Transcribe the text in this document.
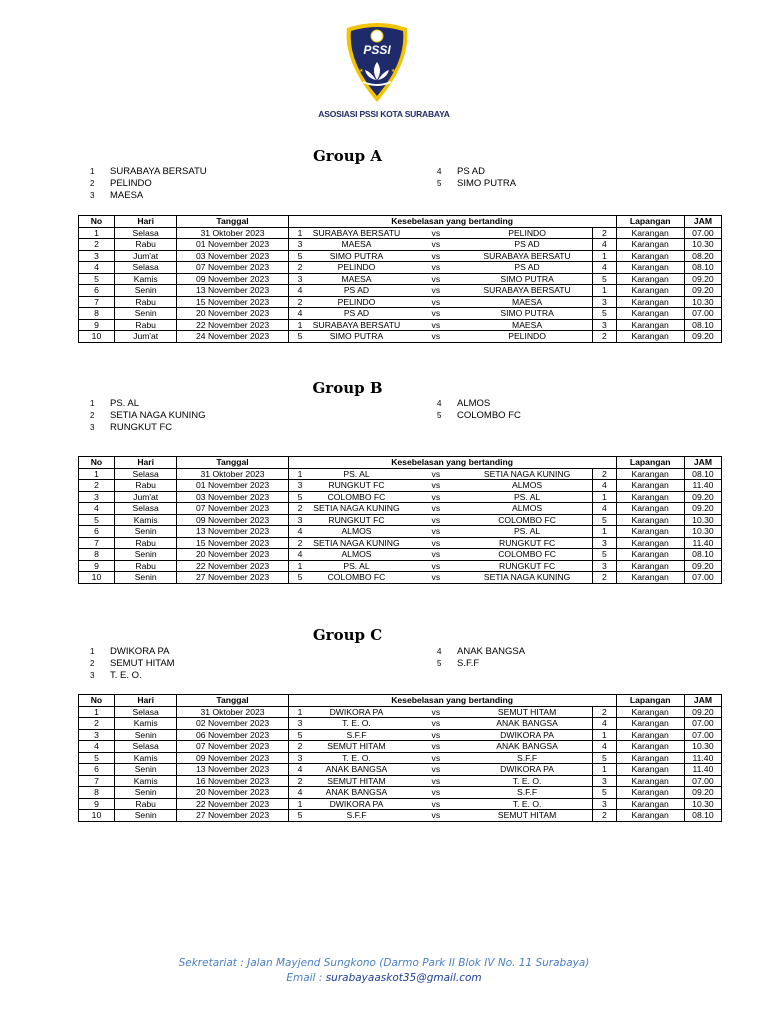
PSSI
★	★
ASOSIASI PSSI KOTA SURABAYA
Group A
1 SURABAYA BERSATU
2 PELINDO
3 MAESA
4 PS AD
5 SIMO PUTRA
No	Hari	Tanggal	Kesebelasan yang bertanding					Lapangan	JAM
1	Selasa	31 Oktober 2023	1	SURABAYA BERSATU	vs	PELINDO	2	Karangan	07.00
2	Rabu	01 November 2023	3	MAESA	vs	PS AD	4	Karangan	10.30
3	Jum'at	03 November 2023	5	SIMO PUTRA	vs	SURABAYA BERSATU	1	Karangan	08.20
4	Selasa	07 November 2023	2	PELINDO	vs	PS AD	4	Karangan	08.10
5	Kamis	09 November 2023	3	MAESA	vs	SIMO PUTRA	5	Karangan	09.20
6	Senin	13 November 2023	4	PS AD	vs	SURABAYA BERSATU	1	Karangan	09.20
7	Rabu	15 November 2023	2	PELINDO	vs	MAESA	3	Karangan	10.30
8	Senin	20 November 2023	4	PS AD	vs	SIMO PUTRA	5	Karangan	07.00
9	Rabu	22 November 2023	1	SURABAYA BERSATU	vs	MAESA	3	Karangan	08.10
10	Jum'at	24 November 2023	5	SIMO PUTRA	vs	PELINDO	2	Karangan	09.20
Group B
1 PS. AL
2 SETIA NAGA KUNING
3 RUNGKUT FC
4 ALMOS
5 COLOMBO FC
No	Hari	Tanggal	Kesebelasan yang bertanding					Lapangan	JAM
1	Selasa	31 Oktober 2023	1	PS. AL	vs	SETIA NAGA KUNING	2	Karangan	08.10
2	Rabu	01 November 2023	3	RUNGKUT FC	vs	ALMOS	4	Karangan	11.40
3	Jum'at	03 November 2023	5	COLOMBO FC	vs	PS. AL	1	Karangan	09.20
4	Selasa	07 November 2023	2	SETIA NAGA KUNING	vs	ALMOS	4	Karangan	09.20
5	Kamis	09 November 2023	3	RUNGKUT FC	vs	COLOMBO FC	5	Karangan	10.30
6	Senin	13 November 2023	4	ALMOS	vs	PS. AL	1	Karangan	10.30
7	Rabu	15 November 2023	2	SETIA NAGA KUNING	vs	RUNGKUT FC	3	Karangan	11.40
8	Senin	20 November 2023	4	ALMOS	vs	COLOMBO FC	5	Karangan	08.10
9	Rabu	22 November 2023	1	PS. AL	vs	RUNGKUT FC	3	Karangan	09.20
10	Senin	27 November 2023	5	COLOMBO FC	vs	SETIA NAGA KUNING	2	Karangan	07.00
Group C
1 DWIKORA PA
2 SEMUT HITAM
3 T. E. O.
4 ANAK BANGSA
5 S.F.F
No	Hari	Tanggal	Kesebelasan yang bertanding					Lapangan	JAM
1	Selasa	31 Oktober 2023	1	DWIKORA PA	vs	SEMUT HITAM	2	Karangan	09.20
2	Kamis	02 November 2023	3	T. E. O.	vs	ANAK BANGSA	4	Karangan	07.00
3	Senin	06 November 2023	5	S.F.F	vs	DWIKORA PA	1	Karangan	07.00
4	Selasa	07 November 2023	2	SEMUT HITAM	vs	ANAK BANGSA	4	Karangan	10.30
5	Kamis	09 November 2023	3	T. E. O.	vs	S.F.F	5	Karangan	11.40
6	Senin	13 November 2023	4	ANAK BANGSA	vs	DWIKORA PA	1	Karangan	11.40
7	Kamis	16 November 2023	2	SEMUT HITAM	vs	T. E. O.	3	Karangan	07.00
8	Senin	20 November 2023	4	ANAK BANGSA	vs	S.F.F	5	Karangan	09.20
9	Rabu	22 November 2023	1	DWIKORA PA	vs	T. E. O.	3	Karangan	10.30
10	Senin	27 November 2023	5	S.F.F	vs	SEMUT HITAM	2	Karangan	08.10
Sekretariat : Jalan Mayjend Sungkono (Darmo Park II Blok IV No. 11 Surabaya)
Email : surabayaaskot35@gmail.com
